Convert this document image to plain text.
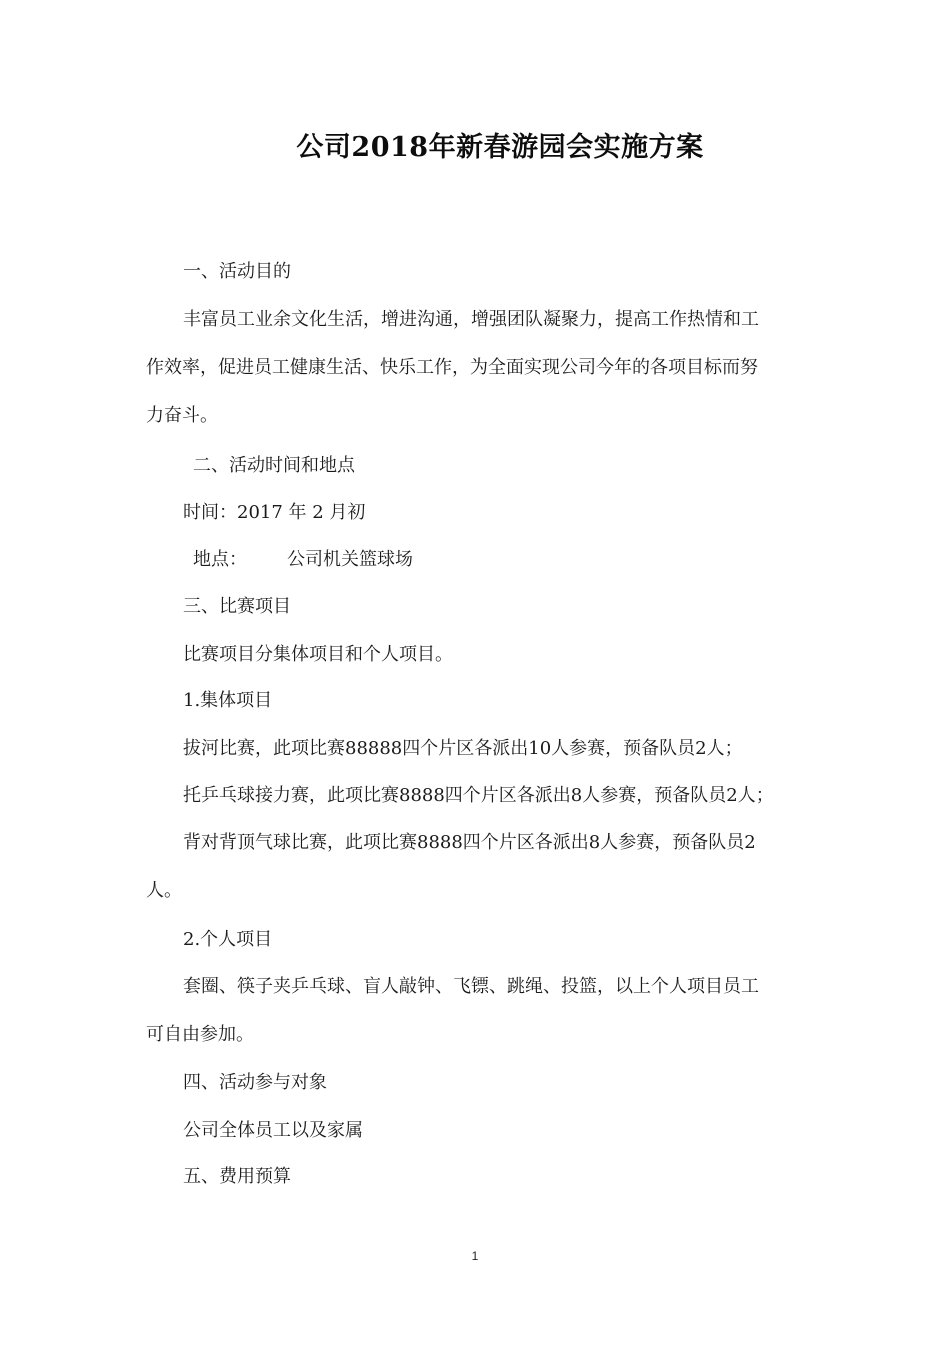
公司2018年新春游园会实施方案

一、活动目的

丰富员工业余文化生活，增进沟通，增强团队凝聚力，提高工作热情和工

作效率，促进员工健康生活、快乐工作，为全面实现公司今年的各项目标而努

力奋斗。

二、活动时间和地点

时间：2017 年 2 月初

地点： 公司机关篮球场

三、比赛项目

比赛项目分集体项目和个人项目。

1.集体项目

拔河比赛，此项比赛88888四个片区各派出10人参赛，预备队员2人；

托乒乓球接力赛，此项比赛8888四个片区各派出8人参赛，预备队员2人；

背对背顶气球比赛，此项比赛8888四个片区各派出8人参赛，预备队员2

人。

2.个人项目

套圈、筷子夹乒乓球、盲人敲钟、飞镖、跳绳、投篮，以上个人项目员工

可自由参加。

四、活动参与对象

公司全体员工以及家属

五、费用预算

1
